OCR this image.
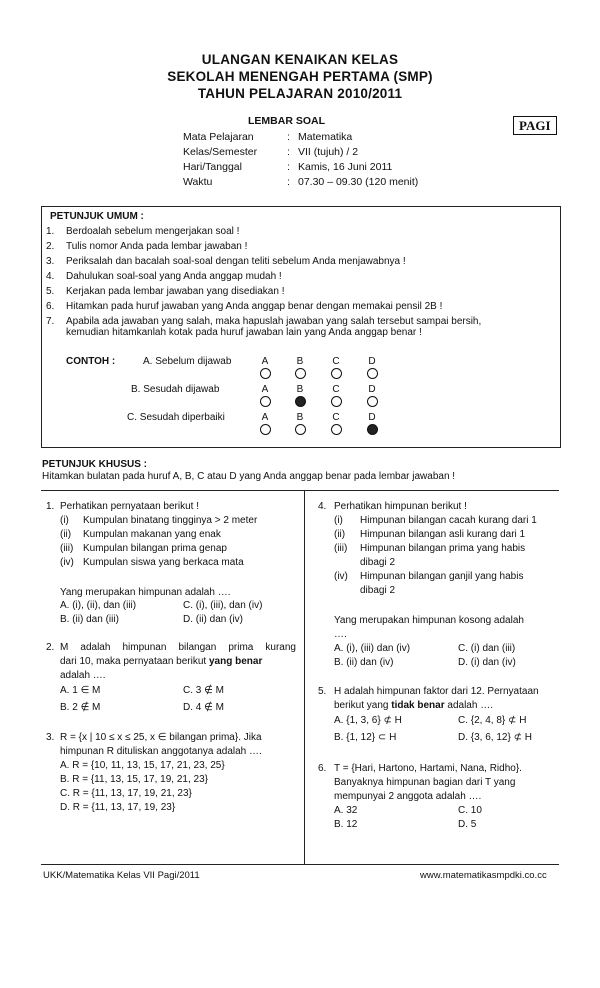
ULANGAN KENAIKAN KELAS
SEKOLAH MENENGAH PERTAMA (SMP)
TAHUN PELAJARAN 2010/2011
LEMBAR SOAL	PAGI
Mata Pelajaran	: Matematika
Kelas/Semester	: VII (tujuh) / 2
Hari/Tanggal	: Kamis, 16 Juni 2011
Waktu	: 07.30 – 09.30 (120 menit)
PETUNJUK UMUM :
1. Berdoalah sebelum mengerjakan soal !
2. Tulis nomor Anda pada lembar jawaban !
3. Periksalah dan bacalah soal-soal dengan teliti sebelum Anda menjawabnya !
4. Dahulukan soal-soal yang Anda anggap mudah !
5. Kerjakan pada lembar jawaban yang disediakan !
6. Hitamkan pada huruf jawaban yang Anda anggap benar dengan memakai pensil 2B !
7. Apabila ada jawaban yang salah, maka hapuslah jawaban yang salah tersebut sampai bersih,
kemudian hitamkanlah kotak pada huruf jawaban lain yang Anda anggap benar !
CONTOH :	A. Sebelum dijawab	A	B	C	D
B. Sesudah dijawab	A	B	C	D
C. Sesudah diperbaiki	A	B	C	D
PETUNJUK KHUSUS :
Hitamkan bulatan pada huruf A, B, C atau D yang Anda anggap benar pada lembar jawaban !
1. Perhatikan pernyataan berikut !
(i) Kumpulan binatang tingginya > 2 meter
(ii) Kumpulan makanan yang enak
(iii) Kumpulan bilangan prima genap
(iv) Kumpulan siswa yang berkaca mata
Yang merupakan himpunan adalah ….
A. (i), (ii), dan (iii)	C. (i), (iii), dan (iv)
B. (ii) dan (iii)	D. (ii) dan (iv)
2. M adalah himpunan bilangan prima kurang
dari 10, maka pernyataan berikut yang benar
adalah ….
A. 1 ∈ M	C. 3 ∉ M
B. 2 ∉ M	D. 4 ∉ M
3. R = {x | 10 ≤ x ≤ 25, x ∈ bilangan prima}. Jika
himpunan R dituliskan anggotanya adalah ….
A. R = {10, 11, 13, 15, 17, 21, 23, 25}
B. R = {11, 13, 15, 17, 19, 21, 23}
C. R = {11, 13, 17, 19, 21, 23}
D. R = {11, 13, 17, 19, 23}
4. Perhatikan himpunan berikut !
(i) Himpunan bilangan cacah kurang dari 1
(ii) Himpunan bilangan asli kurang dari 1
(iii) Himpunan bilangan prima yang habis
dibagi 2
(iv) Himpunan bilangan ganjil yang habis
dibagi 2
Yang merupakan himpunan kosong adalah
….
A. (i), (iii) dan (iv)	C. (i) dan (iii)
B. (ii) dan (iv)	D. (i) dan (iv)
5. H adalah himpunan faktor dari 12. Pernyataan
berikut yang tidak benar adalah ….
A. {1, 3, 6} ⊄ H	C. {2, 4, 8} ⊄ H
B. {1, 12} ⊂ H	D. {3, 6, 12} ⊄ H
6. T = {Hari, Hartono, Hartami, Nana, Ridho}.
Banyaknya himpunan bagian dari T yang
mempunyai 2 anggota adalah ….
A. 32	C. 10
B. 12	D. 5
UKK/Matematika Kelas VII Pagi/2011	www.matematikasmpdki.co.cc
